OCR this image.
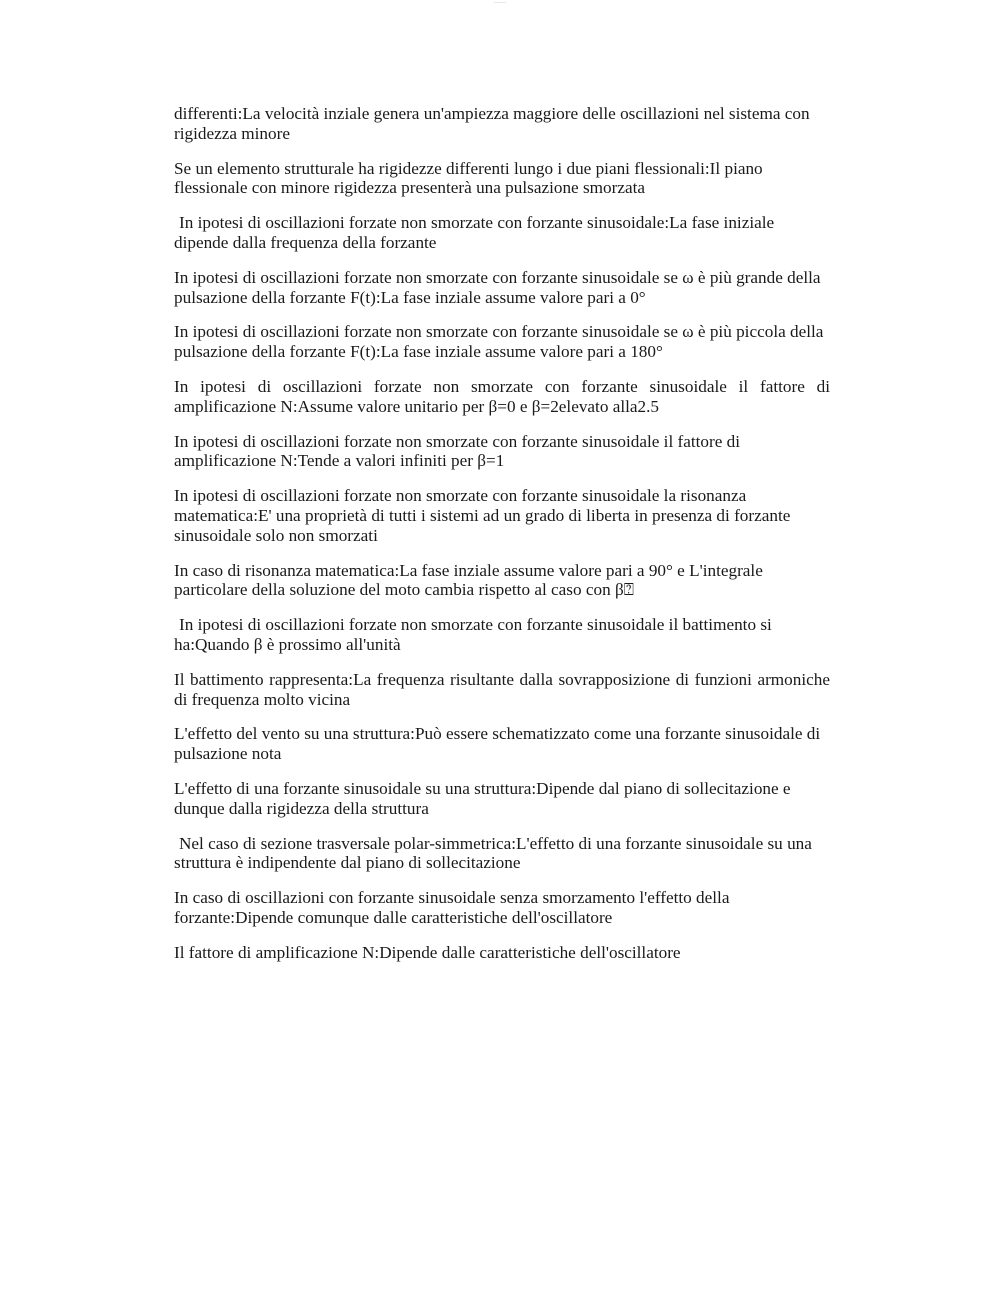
———

differenti:La velocità inziale genera un'ampiezza maggiore delle oscillazioni nel sistema con rigidezza minore

Se un elemento strutturale ha rigidezze differenti lungo i due piani flessionali:Il piano flessionale con minore rigidezza presenterà una pulsazione smorzata

In ipotesi di oscillazioni forzate non smorzate con forzante sinusoidale:La fase iniziale dipende dalla frequenza della forzante

In ipotesi di oscillazioni forzate non smorzate con forzante sinusoidale se ω è più grande della pulsazione della forzante F(t):La fase inziale assume valore pari a 0°

In ipotesi di oscillazioni forzate non smorzate con forzante sinusoidale se ω è più piccola della pulsazione della forzante F(t):La fase inziale assume valore pari a 180°

In ipotesi di oscillazioni forzate non smorzate con forzante sinusoidale il fattore di amplificazione N:Assume valore unitario per β=0 e β=2elevato alla2.5

In ipotesi di oscillazioni forzate non smorzate con forzante sinusoidale il fattore di amplificazione N:Tende a valori infiniti per β=1

In ipotesi di oscillazioni forzate non smorzate con forzante sinusoidale la risonanza matematica:E' una proprietà di tutti i sistemi ad un grado di liberta in presenza di forzante sinusoidale solo non smorzati

In caso di risonanza matematica:La fase inziale assume valore pari a 90° e L'integrale particolare della soluzione del moto cambia rispetto al caso con β⍰

In ipotesi di oscillazioni forzate non smorzate con forzante sinusoidale il battimento si ha:Quando β è prossimo all'unità

Il battimento rappresenta:La frequenza risultante dalla sovrapposizione di funzioni armoniche di frequenza molto vicina

L'effetto del vento su una struttura:Può essere schematizzato come una forzante sinusoidale di pulsazione nota

L'effetto di una forzante sinusoidale su una struttura:Dipende dal piano di sollecitazione e dunque dalla rigidezza della struttura

Nel caso di sezione trasversale polar-simmetrica:L'effetto di una forzante sinusoidale su una struttura è indipendente dal piano di sollecitazione

In caso di oscillazioni con forzante sinusoidale senza smorzamento l'effetto della forzante:Dipende comunque dalle caratteristiche dell'oscillatore

Il fattore di amplificazione N:Dipende dalle caratteristiche dell'oscillatore
